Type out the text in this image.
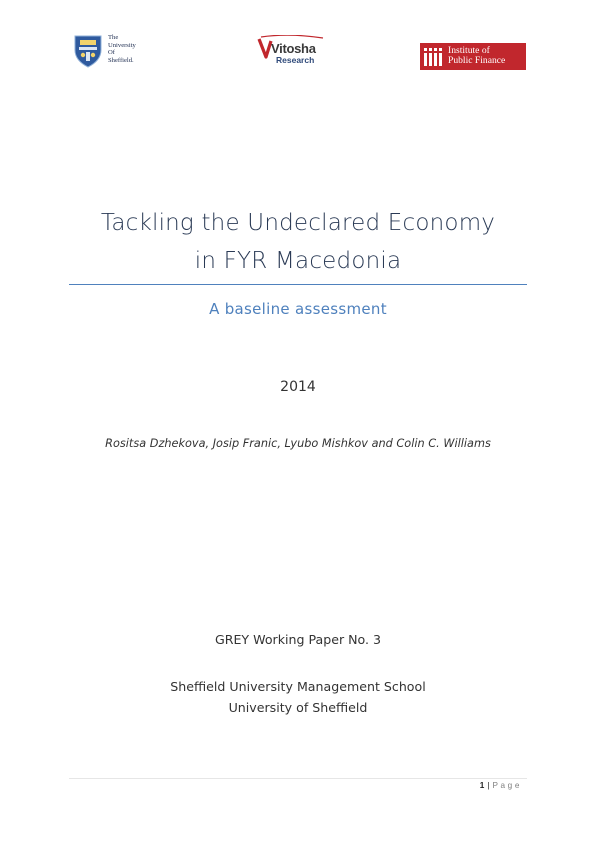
The
University
Of
Sheffield.
Vitosha
Research
Institute of
Public Finance
Tackling the Undeclared Economy
in FYR Macedonia
A baseline assessment
2014
Rositsa Dzhekova, Josip Franic, Lyubo Mishkov and Colin C. Williams
GREY Working Paper No. 3
Sheffield University Management School
University of Sheffield
1 | Page
